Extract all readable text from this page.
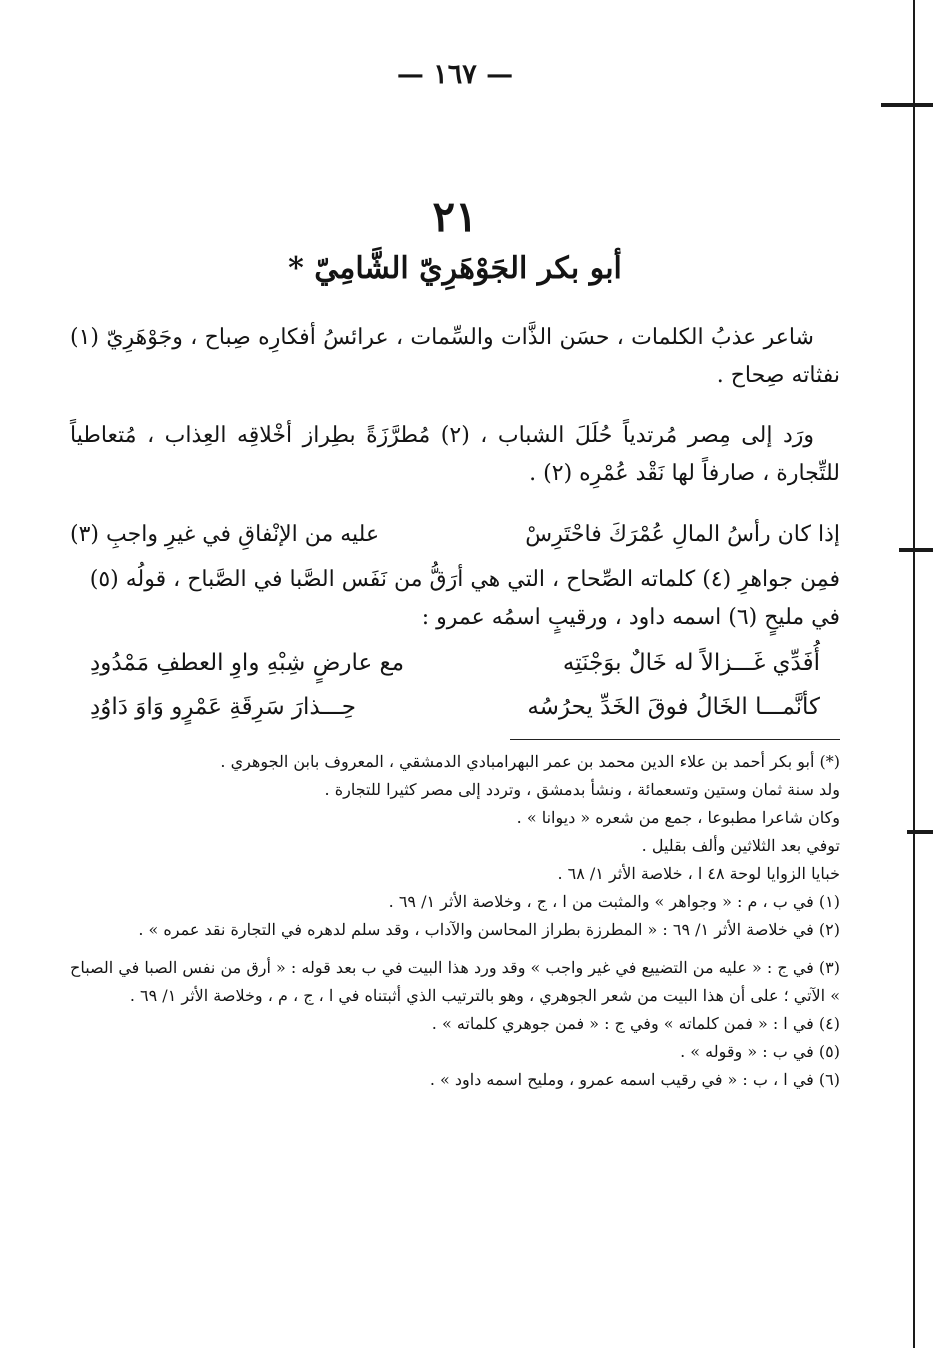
— ١٦٧ —
٢١
أبو بكر الجَوْهَرِيّ الشَّامِيّ *

شاعر عذبُ الكلمات ، حسَن الذَّات والسِّمات ، عرائسُ أفكارِه صِباح ، وجَوْهَرِيّ (١) نفثاته صِحاح .

ورَد إلى مِصر مُرتدياً حُلَلَ الشباب ، (٢) مُطرَّزَةً بطِراز أخْلاقِه العِذاب ، مُتعاطياً للتِّجارة ، صارفاً لها نَقْد عُمْرِه (٢) .

إذا كان رأسُ المالِ عُمْرَكَ فاحْتَرِسْ
عليه من الإنْفاقِ في غيرِ واجبِ (٣)

فمِن جواهرِ (٤) كلماته الصِّحاح ، التي هي أرَقُّ من نَفَس الصَّبا في الصَّباح ، قولُه (٥)

في مليحٍ (٦) اسمه داود ، ورقيبٍ اسمُه عمرو :

أُفَدِّي غَـــزالاً له خَالٌ بوَجْنَتِه
مع عارضٍ شِبْهِ واوِ العطفِ مَمْدُودِ
كأنَّمـــا الخَالُ فوقَ الخَدِّ يحرُسُه
حِـــذارَ سَرِقَةِ عَمْرٍو وَاوَ دَاوُدِ

(*) أبو بكر أحمد بن علاء الدين محمد بن عمر البهرامبادي الدمشقي ، المعروف بابن الجوهري .

ولد سنة ثمان وستين وتسعمائة ، ونشأ بدمشق ، وتردد إلى مصر كثيرا للتجارة .

وكان شاعرا مطبوعا ، جمع من شعره « ديوانا » .

توفي بعد الثلاثين وألف بقليل .

خبايا الزوايا لوحة ٤٨ ا ، خلاصة الأثر ١/ ٦٨ .

(١) في ب ، م : « وجواهر » والمثبت من ا ، ج ، وخلاصة الأثر ١/ ٦٩ .

(٢) في خلاصة الأثر ١/ ٦٩ : « المطرزة بطراز المحاسن والآداب ، وقد سلم لدهره في التجارة نقد عمره » .

(٣) في ج : « عليه من التضييع في غير واجب » وقد ورد هذا البيت في ب بعد قوله : « أرق من نفس الصبا في الصباح » الآتي ؛ على أن هذا البيت من شعر الجوهري ، وهو بالترتيب الذي أثبتناه في ا ، ج ، م ، وخلاصة الأثر ١/ ٦٩ .

(٤) في ا : « فمن كلماته » وفي ج : « فمن جوهري كلماته » .

(٥) في ب : « وقوله » .

(٦) في ا ، ب : « في رقيب اسمه عمرو ، ومليح اسمه داود » .
